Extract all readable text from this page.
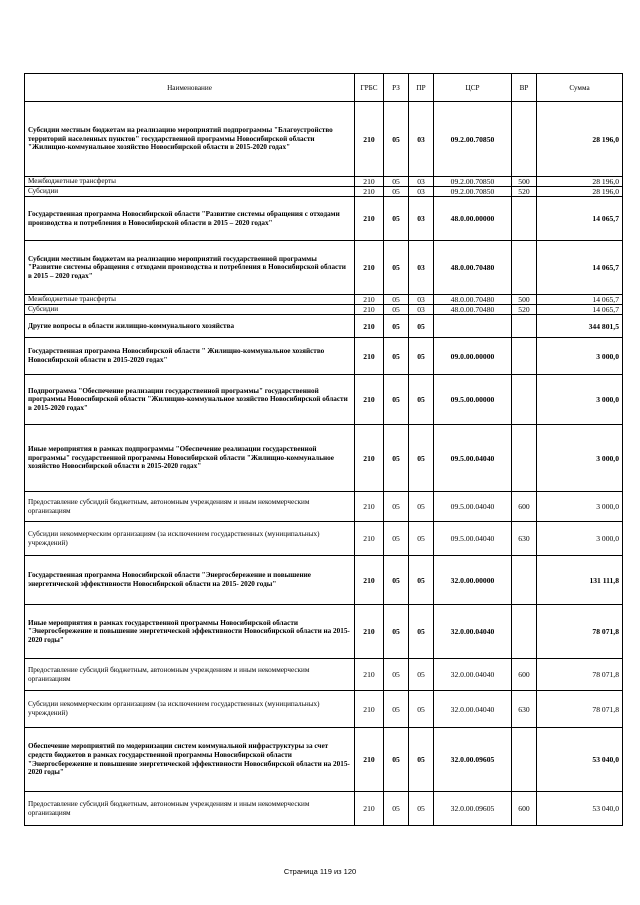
Наименование	ГРБС	РЗ	ПР	ЦСР	ВР	Сумма
Субсидии местным бюджетам на реализацию мероприятий подпрограммы "Благоустройство территорий населенных пунктов" государственной программы Новосибирской области "Жилищно-коммунальное хозяйство Новосибирской области в 2015-2020 годах"	210	05	03	09.2.00.70850		28 196,0
Межбюджетные трансферты	210	05	03	09.2.00.70850	500	28 196,0
Субсидии	210	05	03	09.2.00.70850	520	28 196,0
Государственная программа Новосибирской области "Развитие системы обращения с отходами производства и потребления в Новосибирской области в 2015 – 2020 годах"	210	05	03	48.0.00.00000		14 065,7
Субсидии местным бюджетам на реализацию мероприятий государственной программы "Развитие системы обращения с отходами производства и потребления в Новосибирской области в 2015 – 2020 годах"	210	05	03	48.0.00.70480		14 065,7
Межбюджетные трансферты	210	05	03	48.0.00.70480	500	14 065,7
Субсидии	210	05	03	48.0.00.70480	520	14 065,7
Другие вопросы в области жилищно-коммунального хозяйства	210	05	05			344 801,5
Государственная программа Новосибирской области " Жилищно-коммунальное хозяйство Новосибирской области в 2015-2020 годах"	210	05	05	09.0.00.00000		3 000,0
Подпрограмма "Обеспечение реализации государственной программы" государственной программы Новосибирской области "Жилищно-коммунальное хозяйство Новосибирской области в 2015-2020 годах"	210	05	05	09.5.00.00000		3 000,0
Иные мероприятия в рамках подпрограммы "Обеспечение реализации государственной программы" государственной программы Новосибирской области "Жилищно-коммунальное хозяйство Новосибирской области в 2015-2020 годах"	210	05	05	09.5.00.04040		3 000,0
Предоставление субсидий бюджетным, автономным учреждениям и иным некоммерческим организациям	210	05	05	09.5.00.04040	600	3 000,0
Субсидии некоммерческим организациям (за исключением государственных (муниципальных) учреждений)	210	05	05	09.5.00.04040	630	3 000,0
Государственная программа Новосибирской области "Энергосбережение и повышение энергетической эффективности Новосибирской области на 2015- 2020 годы"	210	05	05	32.0.00.00000		131 111,8
Иные мероприятия в рамках государственной программы Новосибирской области "Энергосбережение и повышение энергетической эффективности Новосибирской области на 2015- 2020 годы"	210	05	05	32.0.00.04040		78 071,8
Предоставление субсидий бюджетным, автономным учреждениям и иным некоммерческим организациям	210	05	05	32.0.00.04040	600	78 071,8
Субсидии некоммерческим организациям (за исключением государственных (муниципальных) учреждений)	210	05	05	32.0.00.04040	630	78 071,8
Обеспечение мероприятий по модернизации систем коммунальной инфраструктуры за счет средств бюджетов в рамках государственной программы Новосибирской области "Энергосбережение и повышение энергетической эффективности Новосибирской области на 2015-2020 годы"	210	05	05	32.0.00.09605		53 040,0
Предоставление субсидий бюджетным, автономным учреждениям и иным некоммерческим организациям	210	05	05	32.0.00.09605	600	53 040,0
Страница 119 из 120
